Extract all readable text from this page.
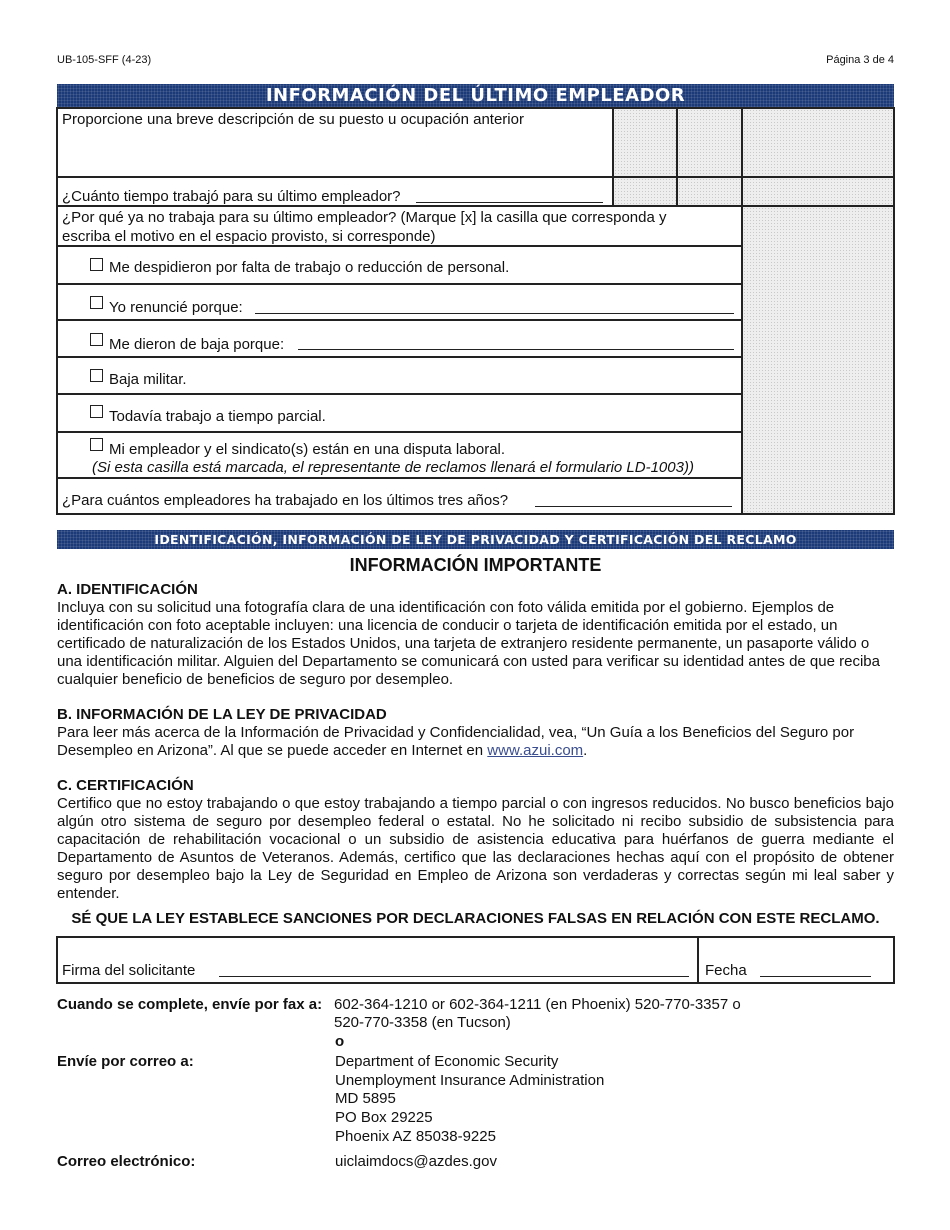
UB-105-SFF (4-23)	Página 3 de 4
INFORMACIÓN DEL ÚLTIMO EMPLEADOR
Proporcione una breve descripción de su puesto u ocupación anterior
¿Cuánto tiempo trabajó para su último empleador?
¿Por qué ya no trabaja para su último empleador? (Marque [x] la casilla que corresponda y
escriba el motivo en el espacio provisto, si corresponde)
Me despidieron por falta de trabajo o reducción de personal.
Yo renuncié porque:
Me dieron de baja porque:
Baja militar.
Todavía trabajo a tiempo parcial.
Mi empleador y el sindicato(s) están en una disputa laboral.
(Si esta casilla está marcada, el representante de reclamos llenará el formulario LD-1003))
¿Para cuántos empleadores ha trabajado en los últimos tres años?
IDENTIFICACIÓN, INFORMACIÓN DE LEY DE PRIVACIDAD Y CERTIFICACIÓN DEL RECLAMO
INFORMACIÓN IMPORTANTE
A. IDENTIFICACIÓN
Incluya con su solicitud una fotografía clara de una identificación con foto válida emitida por el gobierno. Ejemplos de identificación con foto aceptable incluyen: una licencia de conducir o tarjeta de identificación emitida por el estado, un certificado de naturalización de los Estados Unidos, una tarjeta de extranjero residente permanente, un pasaporte válido o una identificación militar. Alguien del Departamento se comunicará con usted para verificar su identidad antes de que reciba cualquier beneficio de beneficios de seguro por desempleo.
B. INFORMACIÓN DE LA LEY DE PRIVACIDAD
Para leer más acerca de la Información de Privacidad y Confidencialidad, vea, “Un Guía a los Beneficios del Seguro por Desempleo en Arizona”. Al que se puede acceder en Internet en www.azui.com.
C. CERTIFICACIÓN
Certifico que no estoy trabajando o que estoy trabajando a tiempo parcial o con ingresos reducidos. No busco beneficios bajo algún otro sistema de seguro por desempleo federal o estatal. No he solicitado ni recibo subsidio de subsistencia para capacitación de rehabilitación vocacional o un subsidio de asistencia educativa para huérfanos de guerra mediante el Departamento de Asuntos de Veteranos. Además, certifico que las declaraciones hechas aquí con el propósito de obtener seguro por desempleo bajo la Ley de Seguridad en Empleo de Arizona son verdaderas y correctas según mi leal saber y entender.
SÉ QUE LA LEY ESTABLECE SANCIONES POR DECLARACIONES FALSAS EN RELACIÓN CON ESTE RECLAMO.
Firma del solicitante	Fecha
Cuando se complete, envíe por fax a: 602-364-1210 or 602-364-1211 (en Phoenix) 520-770-3357 o
520-770-3358 (en Tucson)
o
Envíe por correo a:	Department of Economic Security
Unemployment Insurance Administration
MD 5895
PO Box 29225
Phoenix AZ 85038-9225
Correo electrónico:	uiclaimdocs@azdes.gov
